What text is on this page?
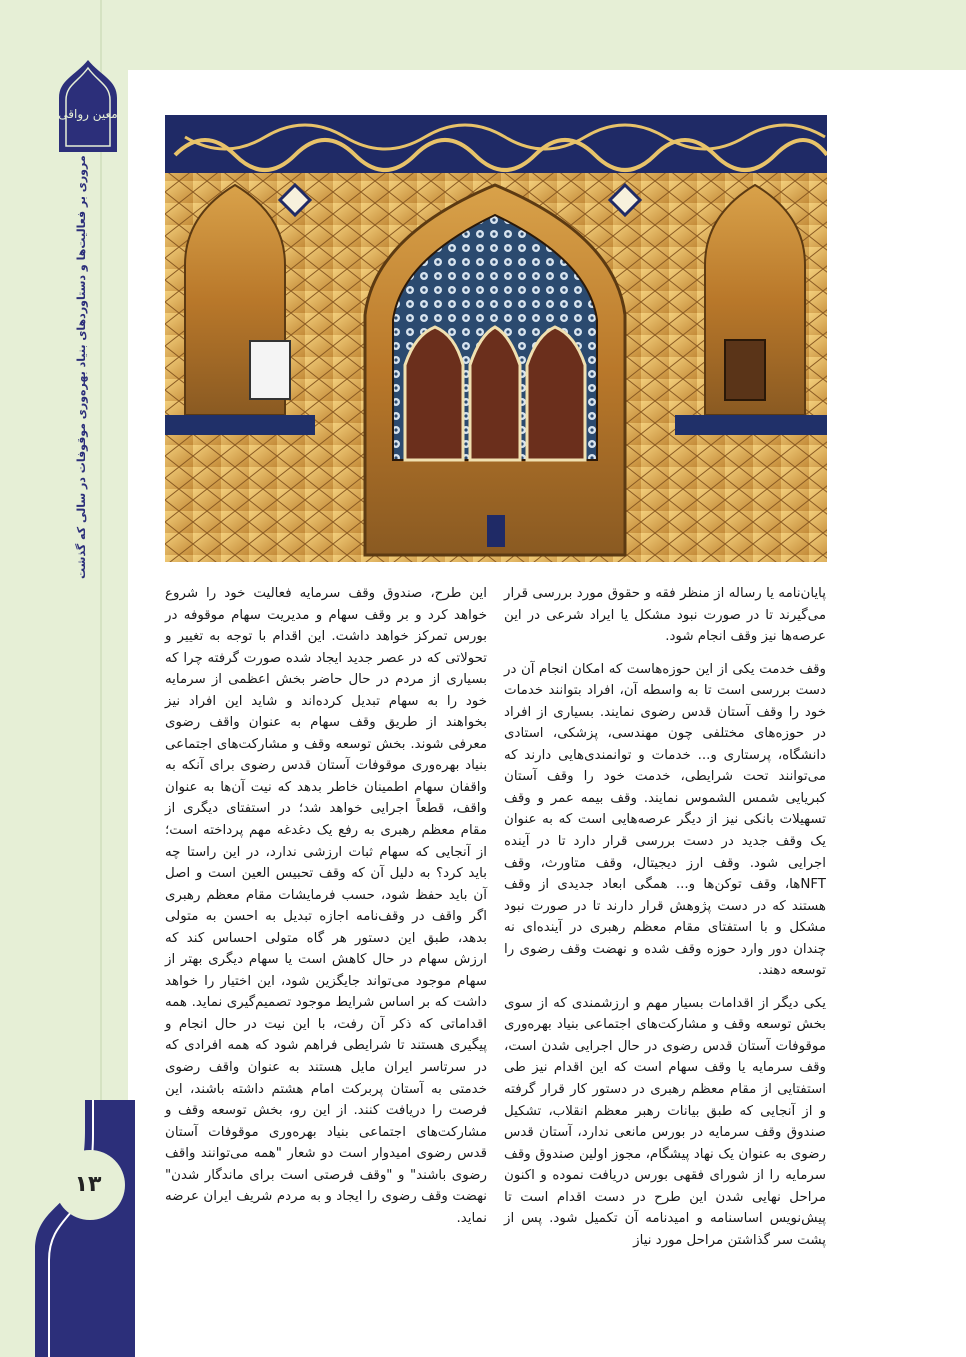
معین رواقی
مروری بر فعالیت‌ها و دستاوردهای بنیاد بهره‌وری موقوفات در سالی که گذشت
۱۳

پایان‌نامه یا رساله از منظر فقه و حقوق مورد بررسی قرار می‌گیرند تا در صورت نبود مشکل یا ایراد شرعی در این عرصه‌ها نیز وقف انجام شود.

وقف خدمت یکی از این حوزه‌هاست که امکان انجام آن در دست بررسی است تا به واسطه آن، افراد بتوانند خدمات خود را وقف آستان قدس رضوی نمایند. بسیاری از افراد در حوزه‌های مختلفی چون مهندسی، پزشکی، استادی دانشگاه، پرستاری و... خدمات و توانمندی‌هایی دارند که می‌توانند تحت شرایطی، خدمت خود را وقف آستان کبریایی شمس الشموس نمایند. وقف بیمه عمر و وقف تسهیلات بانکی نیز از دیگر عرصه‌هایی است که به عنوان یک وقف جدید در دست بررسی قرار دارد تا در آینده اجرایی شود. وقف ارز دیجیتال، وقف متاورث، وقف NFTها، وقف توکن‌ها و... همگی ابعاد جدیدی از وقف هستند که در دست پژوهش قرار دارند تا در صورت نبود مشکل و با استفتای مقام معظم رهبری در آینده‌ای نه چندان دور وارد حوزه وقف شده و نهضت وقف رضوی را توسعه دهند.

یکی دیگر از اقدامات بسیار مهم و ارزشمندی که از سوی بخش توسعه وقف و مشارکت‌های اجتماعی بنیاد بهره‌وری موقوفات آستان قدس رضوی در حال اجرایی شدن است، وقف سرمایه یا وقف سهام است که این اقدام نیز طی استفتایی از مقام معظم رهبری در دستور کار قرار گرفته و از آنجایی که طبق بیانات رهبر معظم انقلاب، تشکیل صندوق وقف سرمایه در بورس مانعی ندارد، آستان قدس رضوی به عنوان یک نهاد پیشگام، مجوز اولین صندوق وقف سرمایه را از شورای فقهی بورس دریافت نموده و اکنون مراحل نهایی شدن این طرح در دست اقدام است تا پیش‌نویس اساسنامه و امیدنامه آن تکمیل شود. پس از پشت سر گذاشتن مراحل مورد نیاز

این طرح، صندوق وقف سرمایه فعالیت خود را شروع خواهد کرد و بر وقف سهام و مدیریت سهام موقوفه در بورس تمرکز خواهد داشت. این اقدام با توجه به تغییر و تحولاتی که در عصر جدید ایجاد شده صورت گرفته چرا که بسیاری از مردم در حال حاضر بخش اعظمی از سرمایه خود را به سهام تبدیل کرده‌اند و شاید این افراد نیز بخواهند از طریق وقف سهام به عنوان واقف رضوی معرفی شوند. بخش توسعه وقف و مشارکت‌های اجتماعی بنیاد بهره‌وری موقوفات آستان قدس رضوی برای آنکه به واقفان سهام اطمینان خاطر بدهد که نیت آن‌ها به عنوان واقف، قطعاً اجرایی خواهد شد؛ در استفتای دیگری از مقام معظم رهبری به رفع یک دغدغه مهم پرداخته است؛ از آنجایی که سهام ثبات ارزشی ندارد، در این راستا چه باید کرد؟ به دلیل آن که وقف تحبیس العین است و اصل آن باید حفظ شود، حسب فرمایشات مقام معظم رهبری اگر واقف در وقف‌نامه اجازه تبدیل به احسن به متولی بدهد، طبق این دستور هر گاه متولی احساس کند که ارزش سهام در حال کاهش است یا سهام دیگری بهتر از سهام موجود می‌تواند جایگزین شود، این اختیار را خواهد داشت که بر اساس شرایط موجود تصمیم‌گیری نماید. همه اقداماتی که ذکر آن رفت، با این نیت در حال انجام و پیگیری هستند تا شرایطی فراهم شود که همه افرادی که در سرتاسر ایران مایل هستند به عنوان واقف رضوی خدمتی به آستان پربرکت امام هشتم داشته باشند، این فرصت را دریافت کنند. از این رو، بخش توسعه وقف و مشارکت‌های اجتماعی بنیاد بهره‌وری موقوفات آستان قدس رضوی امیدوار است دو شعار "همه می‌توانند واقف رضوی باشند" و "وقف فرصتی است برای ماندگار شدن" نهضت وقف رضوی را ایجاد و به مردم شریف ایران عرضه نماید.
